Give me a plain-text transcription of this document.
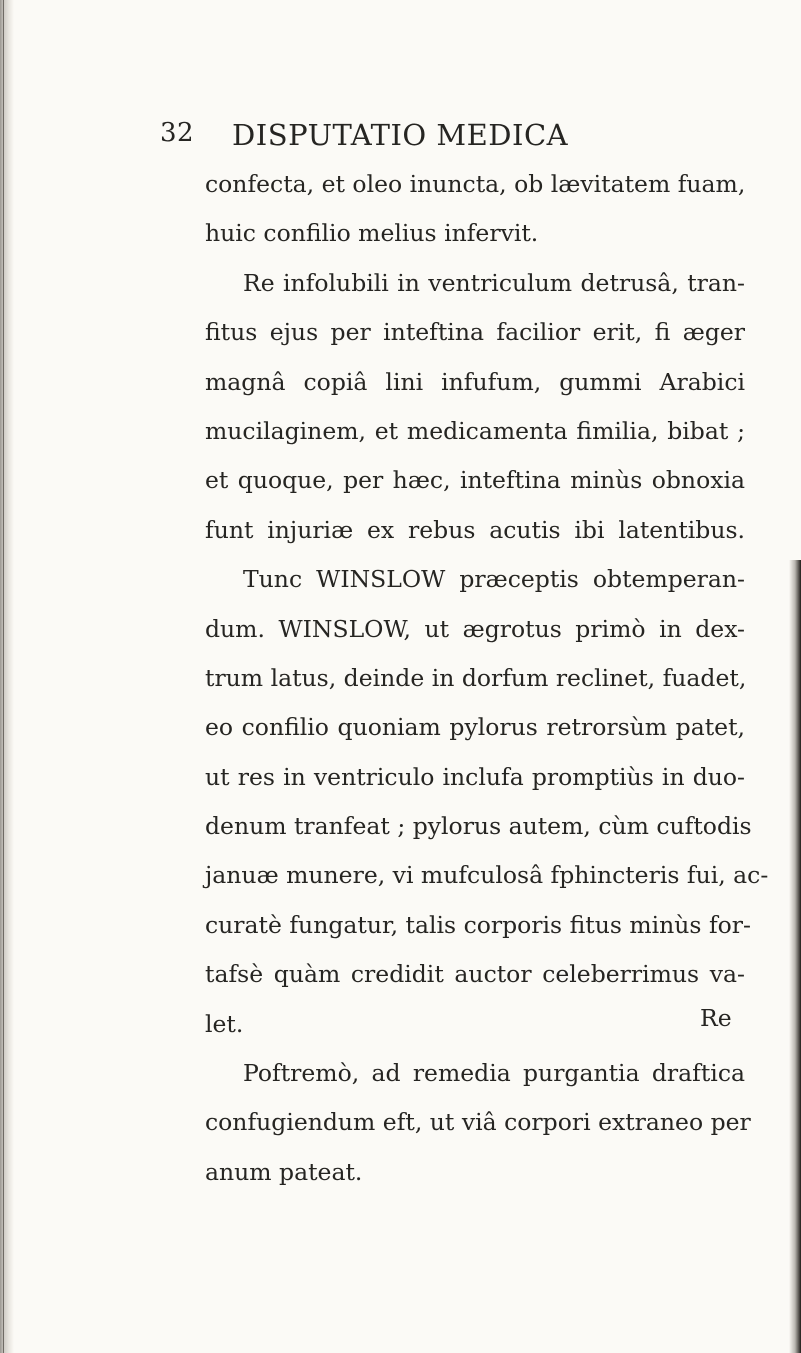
32 DISPUTATIO MEDICA
confecta, et oleo inuncta, ob lævitatem fuam,
huic confilio melius infervit.
Re infolubili in ventriculum detrusâ, tran-
fitus ejus per inteftina facilior erit, fi æger
magnâ copiâ lini infufum, gummi Arabici
mucilaginem, et medicamenta fimilia, bibat ;
et quoque, per hæc, inteftina minùs obnoxia
funt injuriæ ex rebus acutis ibi latentibus.
Tunc WINSLOW præceptis obtemperan-
dum. WINSLOW, ut ægrotus primò in dex-
trum latus, deinde in dorfum reclinet, fuadet,
eo confilio quoniam pylorus retrorsùm patet,
ut res in ventriculo inclufa promptiùs in duo-
denum tranfeat ; pylorus autem, cùm cuftodis
januæ munere, vi mufculosâ fphincteris fui, ac-
curatè fungatur, talis corporis fitus minùs for-
tafsè quàm credidit auctor celeberrimus va-
let.
Poftremò, ad remedia purgantia draftica
confugiendum eft, ut viâ corpori extraneo per
anum pateat.
Re
